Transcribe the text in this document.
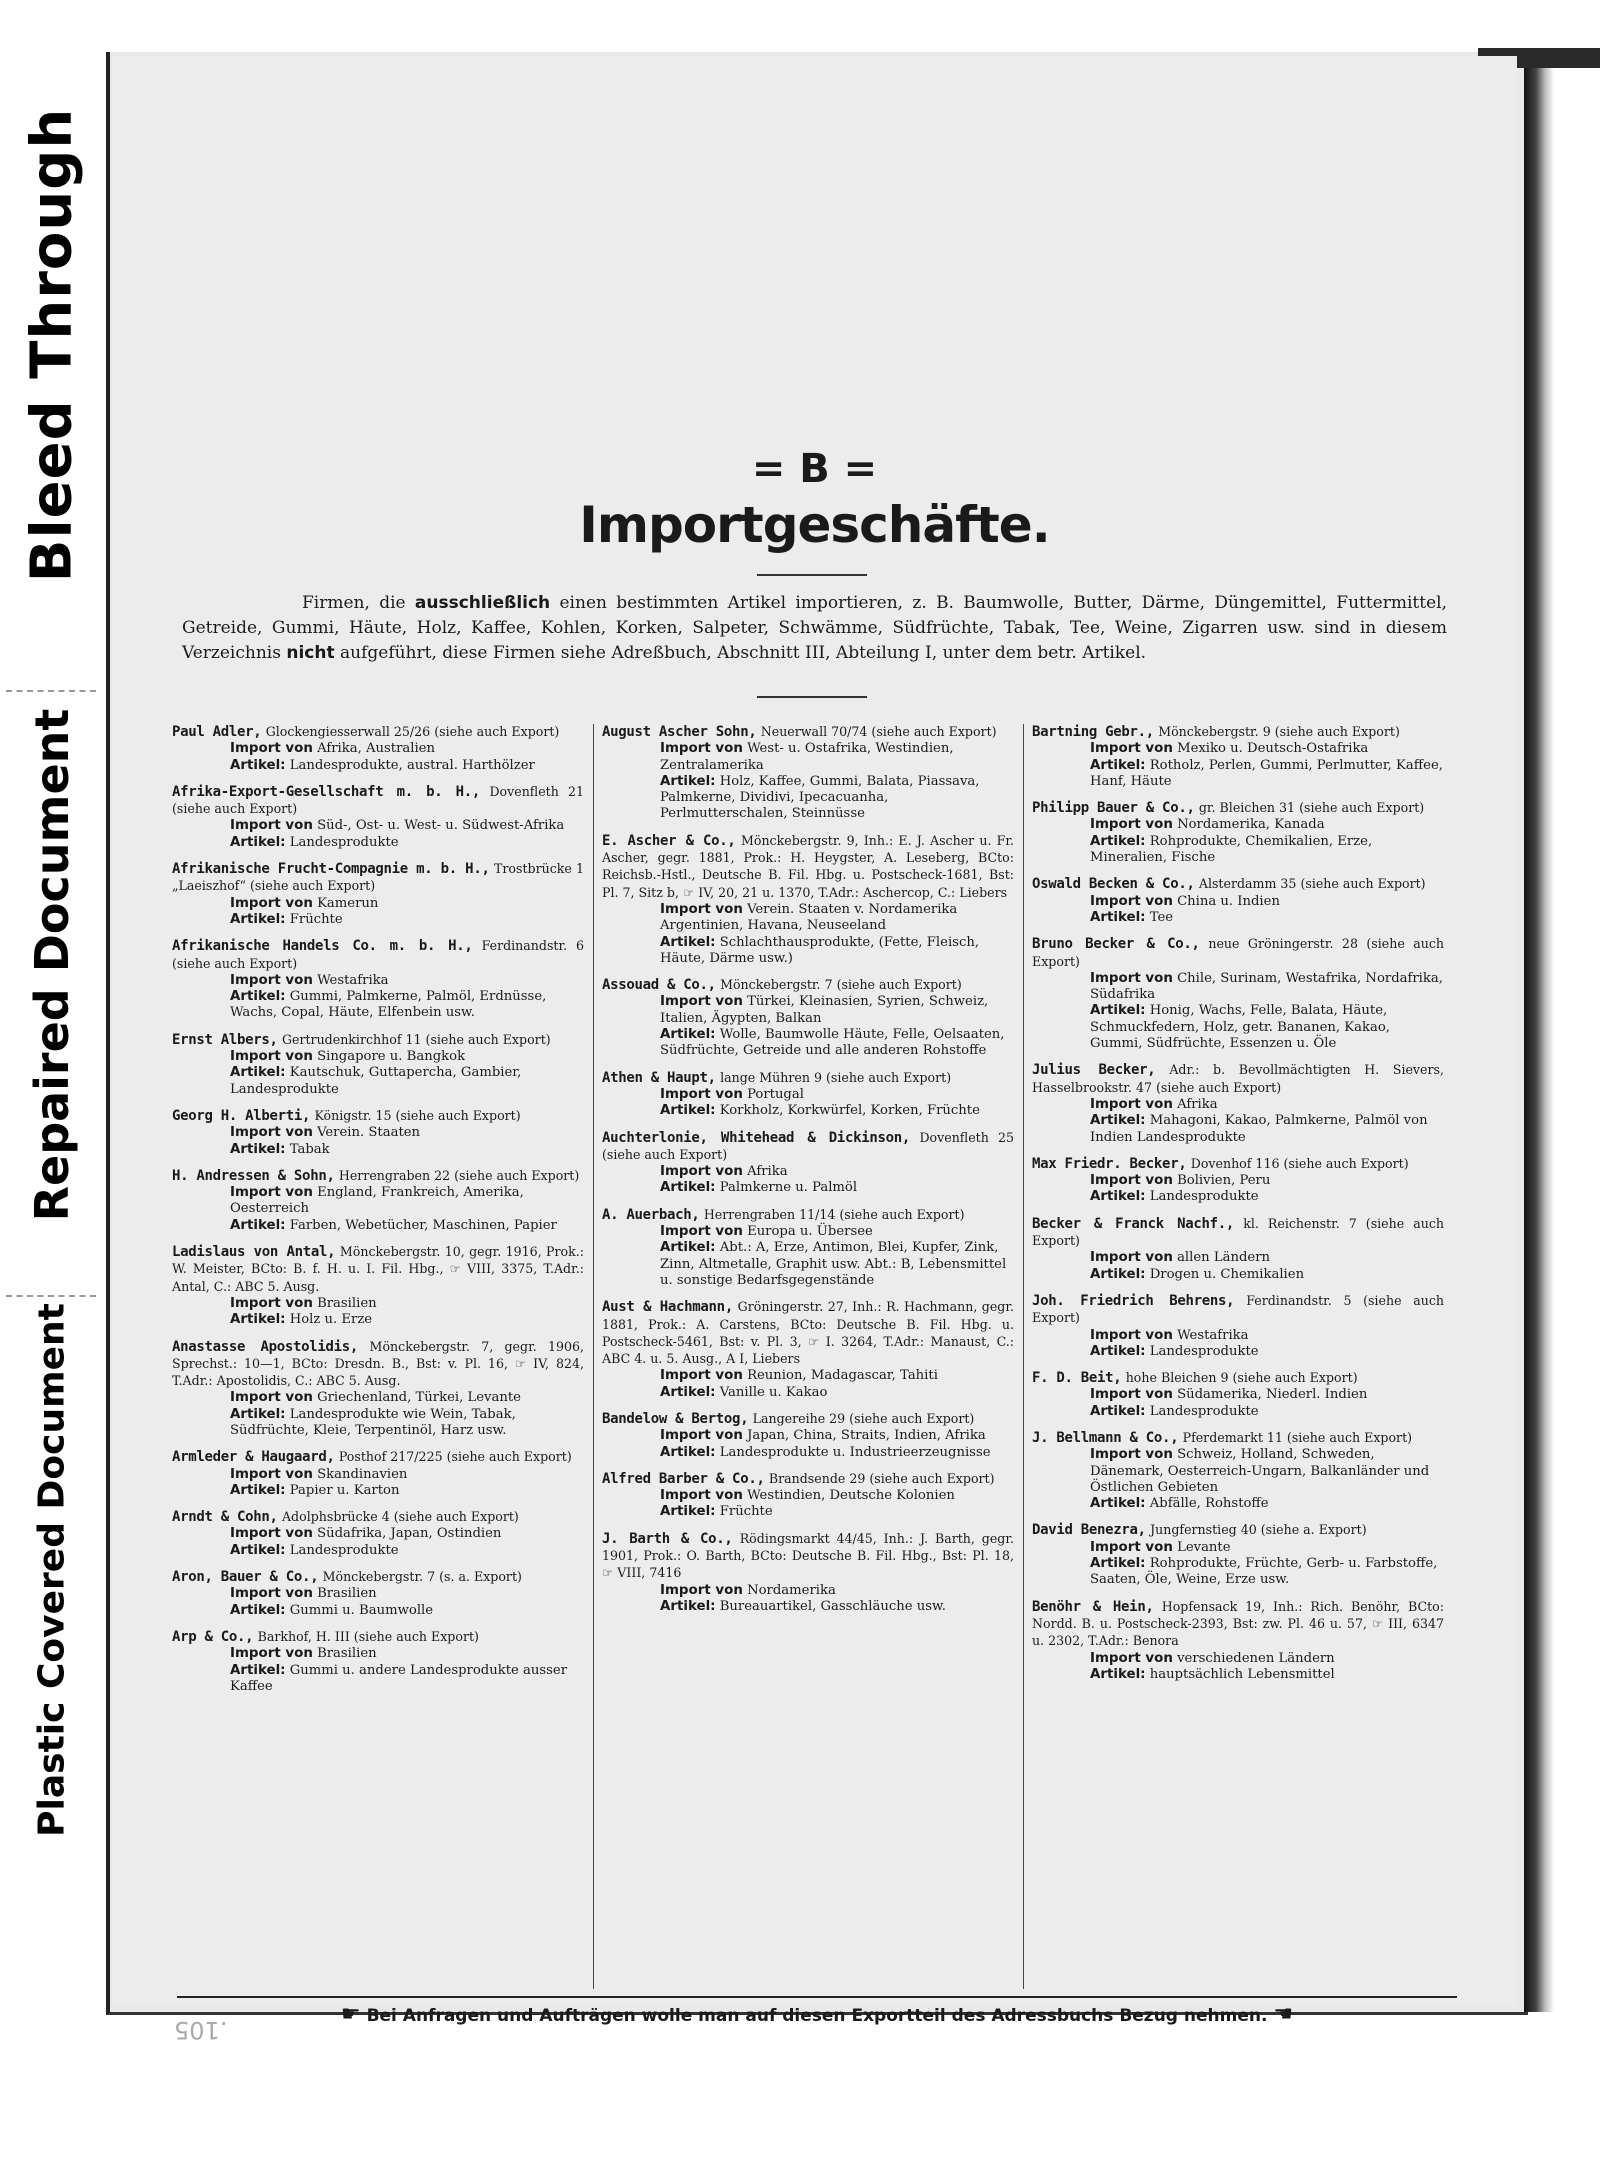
Bleed Through
Repaired Document
Plastic Covered Document
.105
= B =
Importgeschäfte.
Firmen, die ausschließlich einen bestimmten Artikel importieren, z. B. Baumwolle, Butter, Därme, Düngemittel, Futtermittel, Getreide, Gummi, Häute, Holz, Kaffee, Kohlen, Korken, Salpeter, Schwämme, Südfrüchte, Tabak, Tee, Weine, Zigarren usw. sind in diesem Verzeichnis nicht aufgeführt, diese Firmen siehe Adreßbuch, Abschnitt III, Abteilung I, unter dem betr. Artikel.
Paul Adler, Glockengiesserwall 25/26 (siehe auch Export)
Import von Afrika, Australien
Artikel: Landesprodukte, austral. Harthölzer
Afrika-Export-Gesellschaft m. b. H., Dovenfleth 21 (siehe auch Export)
Import von Süd-, Ost- u. West- u. Südwest-Afrika
Artikel: Landesprodukte
Afrikanische Frucht-Compagnie m. b. H., Trostbrücke 1 „Laeiszhof“ (siehe auch Export)
Import von Kamerun
Artikel: Früchte
Afrikanische Handels Co. m. b. H., Ferdinandstr. 6 (siehe auch Export)
Import von Westafrika
Artikel: Gummi, Palmkerne, Palmöl, Erdnüsse, Wachs, Copal, Häute, Elfenbein usw.
Ernst Albers, Gertrudenkirchhof 11 (siehe auch Export)
Import von Singapore u. Bangkok
Artikel: Kautschuk, Guttapercha, Gambier, Landesprodukte
Georg H. Alberti, Königstr. 15 (siehe auch Export)
Import von Verein. Staaten
Artikel: Tabak
H. Andressen & Sohn, Herrengraben 22 (siehe auch Export)
Import von England, Frankreich, Amerika, Oesterreich
Artikel: Farben, Webetücher, Maschinen, Papier
Ladislaus von Antal, Mönckebergstr. 10, gegr. 1916, Prok.: W. Meister, BCto: B. f. H. u. I. Fil. Hbg., ☞ VIII, 3375, T.Adr.: Antal, C.: ABC 5. Ausg.
Import von Brasilien
Artikel: Holz u. Erze
Anastasse Apostolidis, Mönckebergstr. 7, gegr. 1906, Sprechst.: 10—1, BCto: Dresdn. B., Bst: v. Pl. 16, ☞ IV, 824, T.Adr.: Apostolidis, C.: ABC 5. Ausg.
Import von Griechenland, Türkei, Levante
Artikel: Landesprodukte wie Wein, Tabak, Südfrüchte, Kleie, Terpentinöl, Harz usw.
Armleder & Haugaard, Posthof 217/225 (siehe auch Export)
Import von Skandinavien
Artikel: Papier u. Karton
Arndt & Cohn, Adolphsbrücke 4 (siehe auch Export)
Import von Südafrika, Japan, Ostindien
Artikel: Landesprodukte
Aron, Bauer & Co., Mönckebergstr. 7 (s. a. Export)
Import von Brasilien
Artikel: Gummi u. Baumwolle
Arp & Co., Barkhof, H. III (siehe auch Export)
Import von Brasilien
Artikel: Gummi u. andere Landesprodukte ausser Kaffee
August Ascher Sohn, Neuerwall 70/74 (siehe auch Export)
Import von West- u. Ostafrika, Westindien, Zentralamerika
Artikel: Holz, Kaffee, Gummi, Balata, Piassava, Palmkerne, Dividivi, Ipecacuanha, Perlmutterschalen, Steinnüsse
E. Ascher & Co., Mönckebergstr. 9, Inh.: E. J. Ascher u. Fr. Ascher, gegr. 1881, Prok.: H. Heygster, A. Leseberg, BCto: Reichsb.-Hstl., Deutsche B. Fil. Hbg. u. Postscheck-1681, Bst: Pl. 7, Sitz b, ☞ IV, 20, 21 u. 1370, T.Adr.: Aschercop, C.: Liebers
Import von Verein. Staaten v. Nordamerika Argentinien, Havana, Neuseeland
Artikel: Schlachthausprodukte, (Fette, Fleisch, Häute, Därme usw.)
Assouad & Co., Mönckebergstr. 7 (siehe auch Export)
Import von Türkei, Kleinasien, Syrien, Schweiz, Italien, Ägypten, Balkan
Artikel: Wolle, Baumwolle Häute, Felle, Oelsaaten, Südfrüchte, Getreide und alle anderen Rohstoffe
Athen & Haupt, lange Mühren 9 (siehe auch Export)
Import von Portugal
Artikel: Korkholz, Korkwürfel, Korken, Früchte
Auchterlonie, Whitehead & Dickinson, Dovenfleth 25 (siehe auch Export)
Import von Afrika
Artikel: Palmkerne u. Palmöl
A. Auerbach, Herrengraben 11/14 (siehe auch Export)
Import von Europa u. Übersee
Artikel: Abt.: A, Erze, Antimon, Blei, Kupfer, Zink, Zinn, Altmetalle, Graphit usw. Abt.: B, Lebensmittel u. sonstige Bedarfsgegenstände
Aust & Hachmann, Gröningerstr. 27, Inh.: R. Hachmann, gegr. 1881, Prok.: A. Carstens, BCto: Deutsche B. Fil. Hbg. u. Postscheck-5461, Bst: v. Pl. 3, ☞ I. 3264, T.Adr.: Manaust, C.: ABC 4. u. 5. Ausg., A I, Liebers
Import von Reunion, Madagascar, Tahiti
Artikel: Vanille u. Kakao
Bandelow & Bertog, Langereihe 29 (siehe auch Export)
Import von Japan, China, Straits, Indien, Afrika
Artikel: Landesprodukte u. Industrieerzeugnisse
Alfred Barber & Co., Brandsende 29 (siehe auch Export)
Import von Westindien, Deutsche Kolonien
Artikel: Früchte
J. Barth & Co., Rödingsmarkt 44/45, Inh.: J. Barth, gegr. 1901, Prok.: O. Barth, BCto: Deutsche B. Fil. Hbg., Bst: Pl. 18, ☞ VIII, 7416
Import von Nordamerika
Artikel: Bureauartikel, Gasschläuche usw.
Bartning Gebr., Mönckebergstr. 9 (siehe auch Export)
Import von Mexiko u. Deutsch-Ostafrika
Artikel: Rotholz, Perlen, Gummi, Perlmutter, Kaffee, Hanf, Häute
Philipp Bauer & Co., gr. Bleichen 31 (siehe auch Export)
Import von Nordamerika, Kanada
Artikel: Rohprodukte, Chemikalien, Erze, Mineralien, Fische
Oswald Becken & Co., Alsterdamm 35 (siehe auch Export)
Import von China u. Indien
Artikel: Tee
Bruno Becker & Co., neue Gröningerstr. 28 (siehe auch Export)
Import von Chile, Surinam, Westafrika, Nordafrika, Südafrika
Artikel: Honig, Wachs, Felle, Balata, Häute, Schmuckfedern, Holz, getr. Bananen, Kakao, Gummi, Südfrüchte, Essenzen u. Öle
Julius Becker, Adr.: b. Bevollmächtigten H. Sievers, Hasselbrookstr. 47 (siehe auch Export)
Import von Afrika
Artikel: Mahagoni, Kakao, Palmkerne, Palmöl von Indien Landesprodukte
Max Friedr. Becker, Dovenhof 116 (siehe auch Export)
Import von Bolivien, Peru
Artikel: Landesprodukte
Becker & Franck Nachf., kl. Reichenstr. 7 (siehe auch Export)
Import von allen Ländern
Artikel: Drogen u. Chemikalien
Joh. Friedrich Behrens, Ferdinandstr. 5 (siehe auch Export)
Import von Westafrika
Artikel: Landesprodukte
F. D. Beit, hohe Bleichen 9 (siehe auch Export)
Import von Südamerika, Niederl. Indien
Artikel: Landesprodukte
J. Bellmann & Co., Pferdemarkt 11 (siehe auch Export)
Import von Schweiz, Holland, Schweden, Dänemark, Oesterreich-Ungarn, Balkanländer und Östlichen Gebieten
Artikel: Abfälle, Rohstoffe
David Benezra, Jungfernstieg 40 (siehe a. Export)
Import von Levante
Artikel: Rohprodukte, Früchte, Gerb- u. Farbstoffe, Saaten, Öle, Weine, Erze usw.
Benöhr & Hein, Hopfensack 19, Inh.: Rich. Benöhr, BCto: Nordd. B. u. Postscheck-2393, Bst: zw. Pl. 46 u. 57, ☞ III, 6347 u. 2302, T.Adr.: Benora
Import von verschiedenen Ländern
Artikel: hauptsächlich Lebensmittel
☛ Bei Anfragen und Aufträgen wolle man auf diesen Exportteil des Adressbuchs Bezug nehmen. ☚
